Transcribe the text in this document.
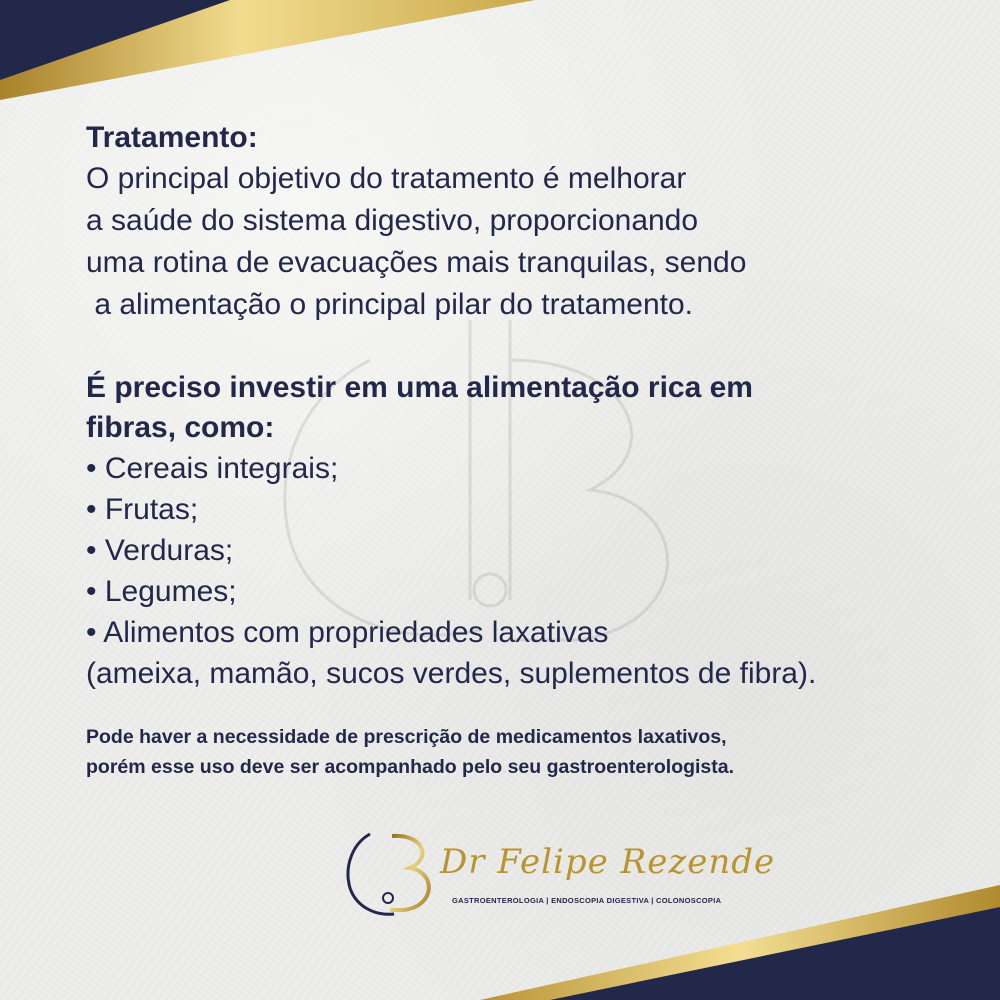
Tratamento:

O principal objetivo do tratamento é melhorar
a saúde do sistema digestivo, proporcionando
uma rotina de evacuações mais tranquilas, sendo
a alimentação o principal pilar do tratamento.

É preciso investir em uma alimentação rica em
fibras, como:
• Cereais integrais;
• Frutas;
• Verduras;
• Legumes;
• Alimentos com propriedades laxativas
(ameixa, mamão, sucos verdes, suplementos de fibra).
Pode haver a necessidade de prescrição de medicamentos laxativos,
porém esse uso deve ser acompanhado pelo seu gastroenterologista.
Dr Felipe Rezende
GASTROENTEROLOGIA | ENDOSCOPIA DIGESTIVA | COLONOSCOPIA
